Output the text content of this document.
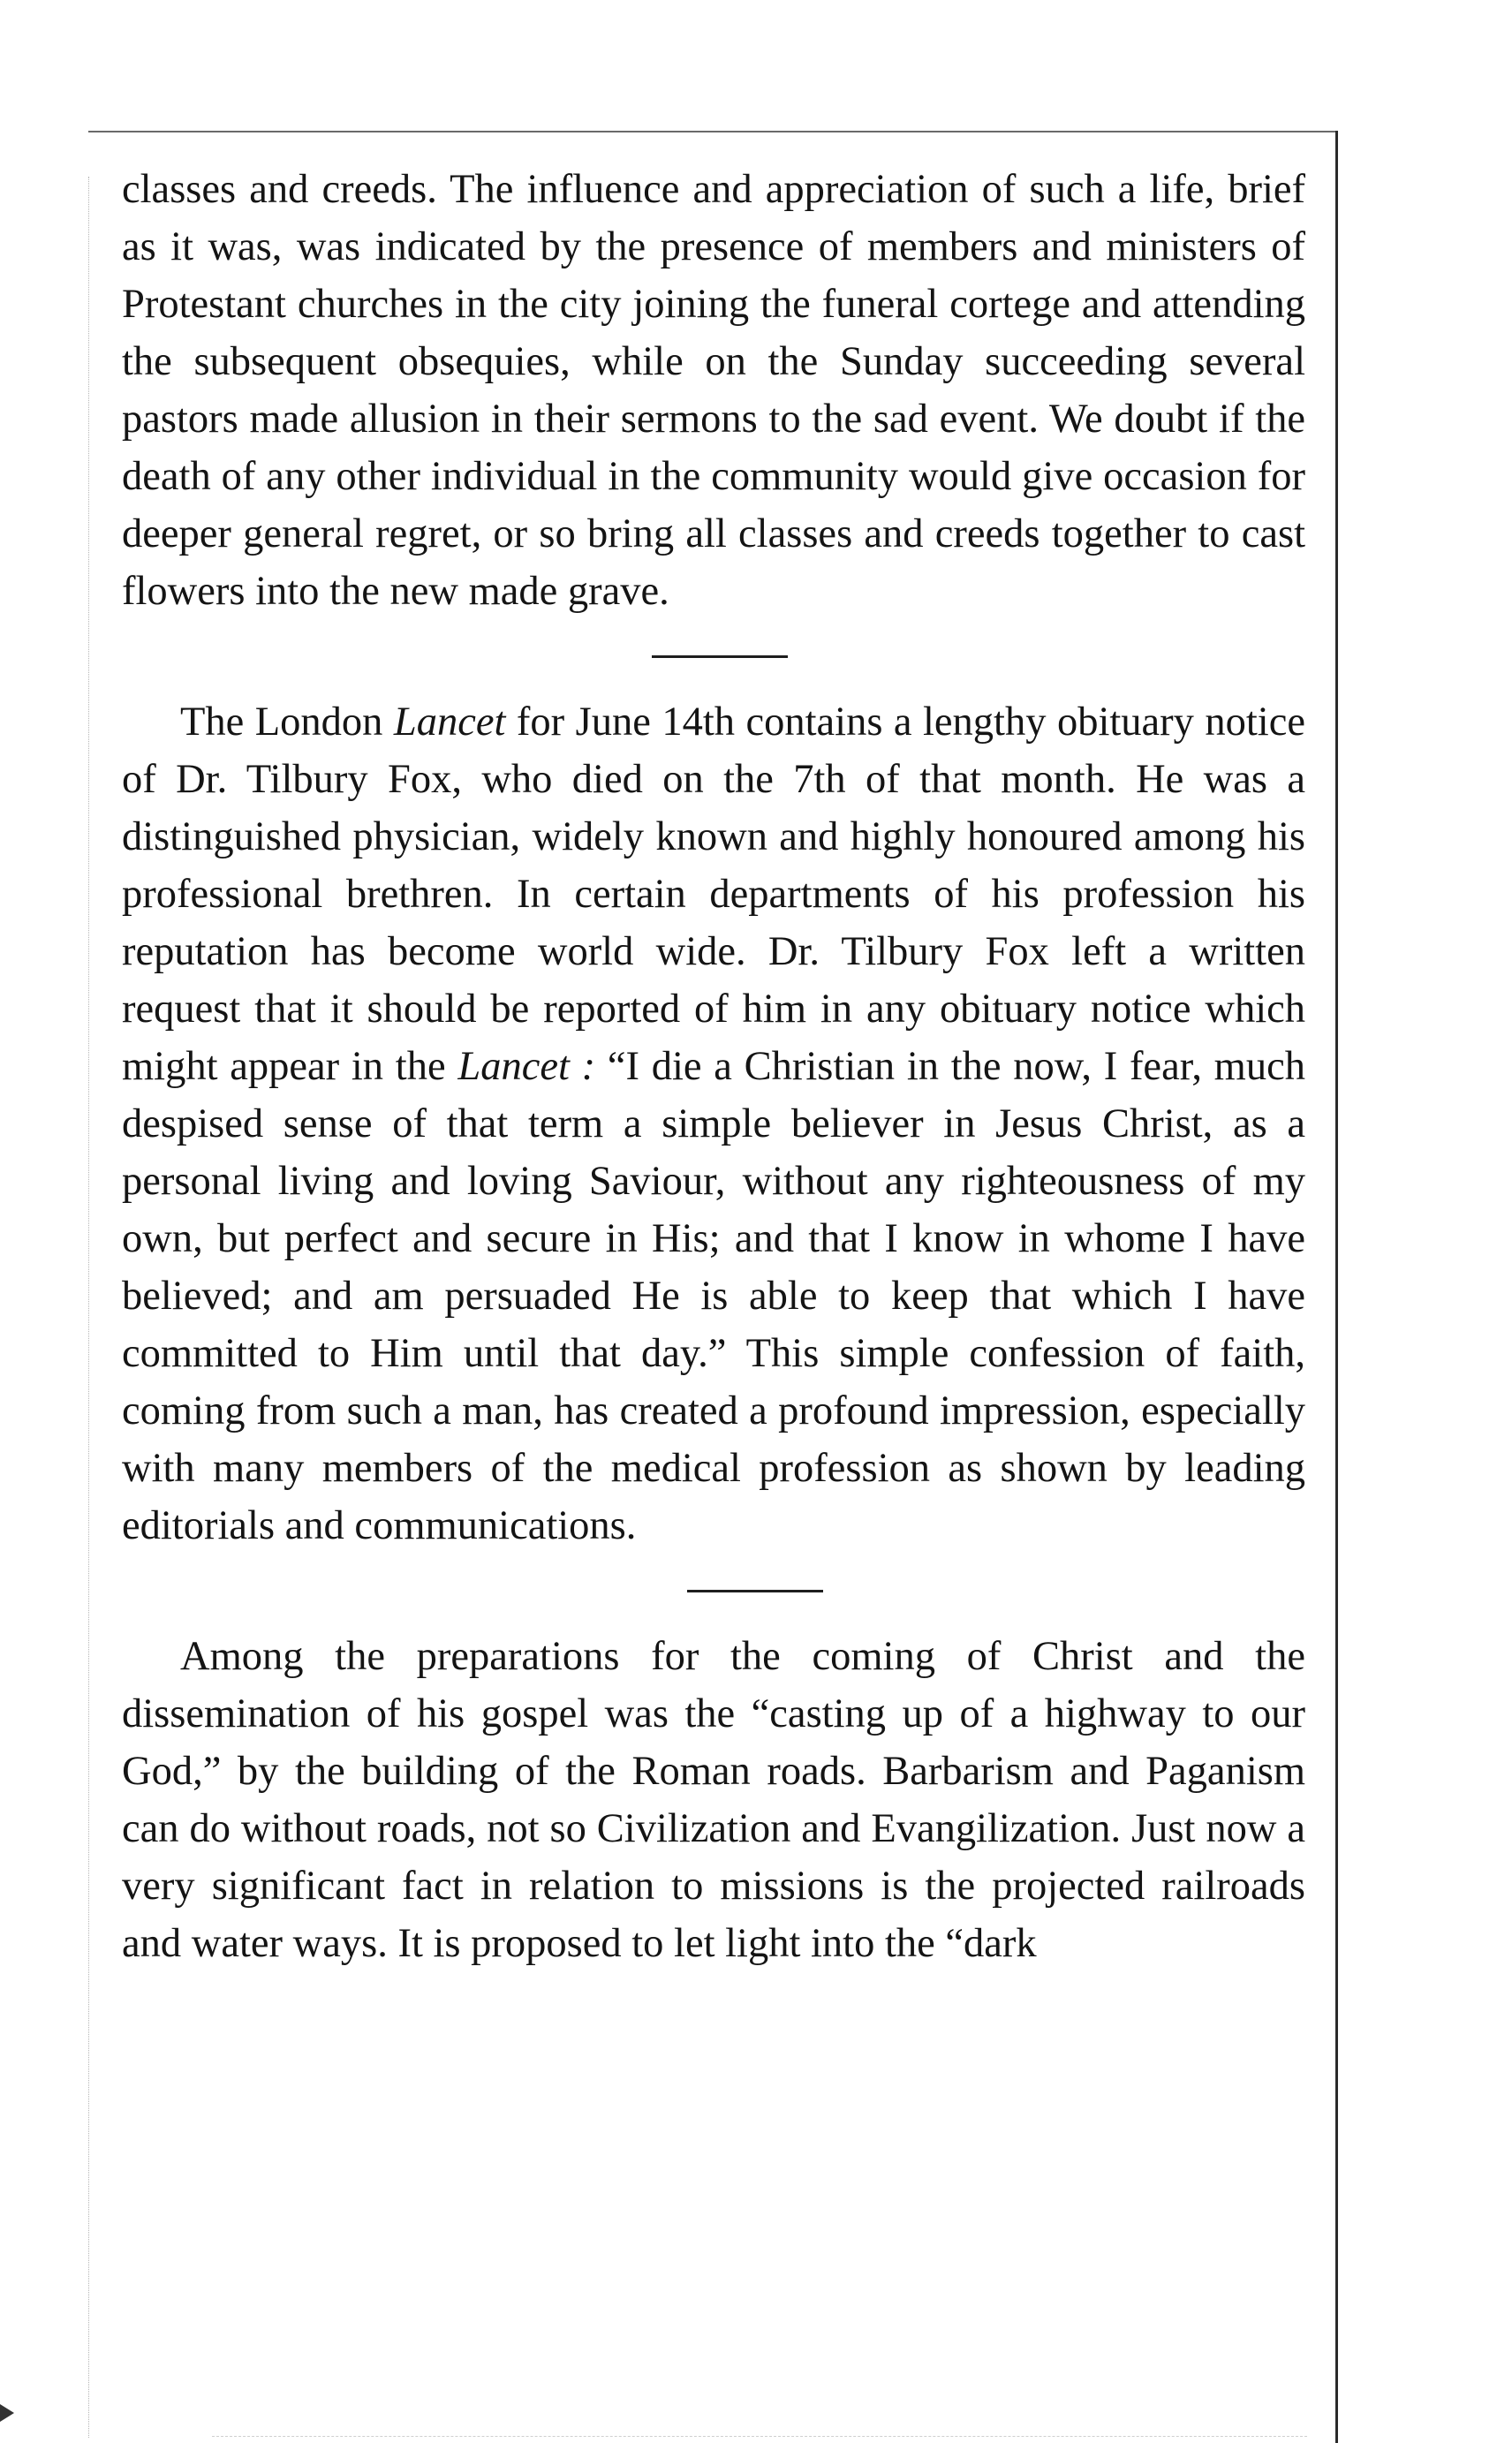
classes and creeds. The influence and appreciation of such a life, brief as it was, was indicated by the presence of members and ministers of Protestant churches in the city joining the funeral cortege and attending the subsequent obsequies, while on the Sunday succeeding several pastors made allusion in their sermons to the sad event. We doubt if the death of any other individual in the community would give occasion for deeper general regret, or so bring all classes and creeds together to cast flowers into the new made grave.

The London Lancet for June 14th contains a lengthy obituary notice of Dr. Tilbury Fox, who died on the 7th of that month. He was a distinguished physician, widely known and highly honoured among his professional brethren. In certain departments of his profession his reputation has become world wide. Dr. Tilbury Fox left a written request that it should be reported of him in any obituary notice which might appear in the Lancet : “I die a Christian in the now, I fear, much despised sense of that term a simple believer in Jesus Christ, as a personal living and loving Saviour, without any righteousness of my own, but perfect and secure in His; and that I know in whome I have believed; and am persuaded He is able to keep that which I have committed to Him until that day.” This simple confession of faith, coming from such a man, has created a profound impression, especially with many members of the medical profession as shown by leading editorials and communications.

Among the preparations for the coming of Christ and the dissemination of his gospel was the “casting up of a highway to our God,” by the building of the Roman roads. Barbarism and Paganism can do without roads, not so Civilization and Evangilization. Just now a very significant fact in relation to missions is the projected railroads and water ways. It is proposed to let light into the “dark
